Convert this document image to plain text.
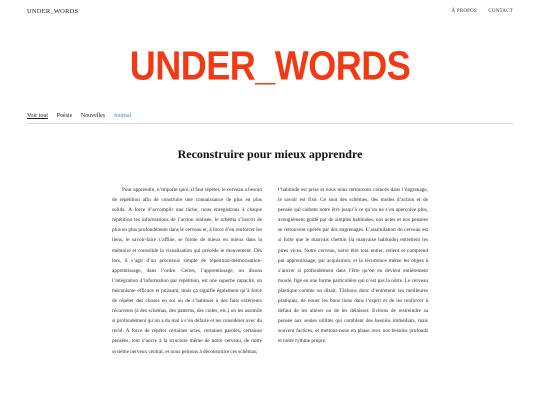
UNDER_WORDS	À PROPOS CONTACT
UNDER_WORDS
Voir tout Poésie Nouvelles Journal
Reconstruire pour mieux apprendre

Pour apprendre, n’importe quoi, il faut répéter, le cerveau a besoin de répétition afin de construire une connaissance de plus en plus solide. A force d’accomplir une tâche, nous enregistrons à chaque répétition les informations de l’action réalisée, le schéma s’inscrit de plus en plus profondément dans le cerveau et, à force d’en renforcer les liens, le savoir-faire s’affine, se forme de mieux en mieux dans la mémoire et consolide la visualisation qui précède le mouvement. Dès lors, il s’agit d’un processus simple de répétition-mémorisation-apprentissage, dans l’ordre. Certes, l’apprentissage, ou disons l’intégration d’information par répétition, est une superbe capacité, un mécanisme efficace et puissant, mais ça signifie également qu’à force de répéter des choses en soi ou de s’habituer à des faits extérieurs récurrents (à des schémas, des patterns, des codes, etc.) on les assimile si profondément qu’on a du mal à s’en défaire et les considérer avec du recul. A force de répéter certaines actes, certaines paroles, certaines pensées, tout s’ancre à la structure même de notre cerveau, de notre système nerveux central, et nous peinons à déconstruire ces schémas;

l’habitude est prise et nous nous retrouvons coincés dans l’engrenage, le savoir est fixé. Ce sont des schèmes, des modes d’action et de pensée qui cadrent notre être jusqu’à ce qu’on ne s’en aperçoive plus, aveuglément guidé par de simples habitudes, nos actes et nos pensées se retrouvent opérés par des engrenages. L’assimilation du cerveau est si forte que le mauvais chemin (la mauvaise habitude) entretient les pires vices. Notre cerveau, notre être tout entier, retient et comprend par apprentissage, par acquisition, et la récurrence même les objets à s’ancrer si profondément dans l’être qu’on en devient entièrement moulé, figé en une forme particulière qui n’est pas la nôtre. Le cerveau plastique comme on disait. Tâchons donc d’entretenir les meilleures pratiques, de nouer les bons liens dans l’esprit et de les renforcer à défaut de les altérer ou de les délaisser. Evitons de restreindre sa pensée aux seules utilités qui comblent des besoins immédiats, mais souvent factices, et mettons-nous en phase avec nos besoins profonds et notre rythme propre.
